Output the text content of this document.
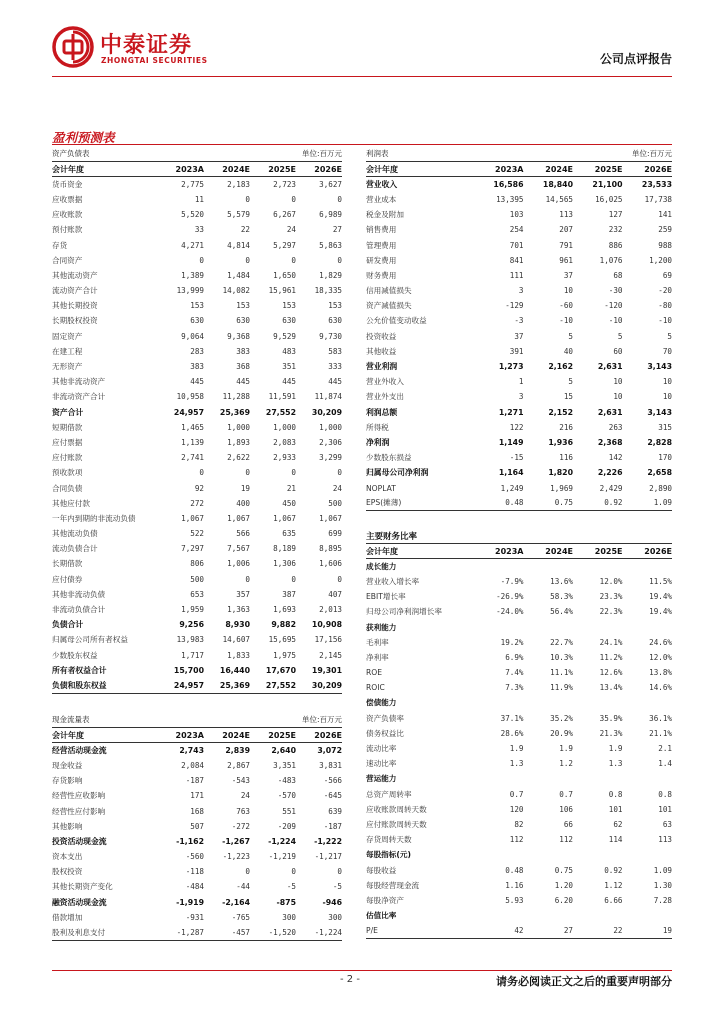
中泰证券
ZHONGTAI SECURITIES	公司点评报告
盈利预测表
资产负债表	单位:百万元
会计年度	2023A	2024E	2025E	2026E
货币资金	2,775	2,183	2,723	3,627
应收票据	11	0	0	0
应收账款	5,520	5,579	6,267	6,989
预付账款	33	22	24	27
存货	4,271	4,814	5,297	5,863
合同资产	0	0	0	0
其他流动资产	1,389	1,484	1,650	1,829
流动资产合计	13,999	14,082	15,961	18,335
其他长期投资	153	153	153	153
长期股权投资	630	630	630	630
固定资产	9,064	9,368	9,529	9,730
在建工程	283	383	483	583
无形资产	383	368	351	333
其他非流动资产	445	445	445	445
非流动资产合计	10,958	11,288	11,591	11,874
资产合计	24,957	25,369	27,552	30,209
短期借款	1,465	1,000	1,000	1,000
应付票据	1,139	1,893	2,083	2,306
应付账款	2,741	2,622	2,933	3,299
预收款项	0	0	0	0
合同负债	92	19	21	24
其他应付款	272	400	450	500
一年内到期的非流动负债	1,067	1,067	1,067	1,067
其他流动负债	522	566	635	699
流动负债合计	7,297	7,567	8,189	8,895
长期借款	806	1,006	1,306	1,606
应付债券	500	0	0	0
其他非流动负债	653	357	387	407
非流动负债合计	1,959	1,363	1,693	2,013
负债合计	9,256	8,930	9,882	10,908
归属母公司所有者权益	13,983	14,607	15,695	17,156
少数股东权益	1,717	1,833	1,975	2,145
所有者权益合计	15,700	16,440	17,670	19,301
负债和股东权益	24,957	25,369	27,552	30,209
利润表	单位:百万元
会计年度	2023A	2024E	2025E	2026E
营业收入	16,586	18,840	21,100	23,533
营业成本	13,395	14,565	16,025	17,738
税金及附加	103	113	127	141
销售费用	254	207	232	259
管理费用	701	791	886	988
研发费用	841	961	1,076	1,200
财务费用	111	37	68	69
信用减值损失	3	10	-30	-20
资产减值损失	-129	-60	-120	-80
公允价值变动收益	-3	-10	-10	-10
投资收益	37	5	5	5
其他收益	391	40	60	70
营业利润	1,273	2,162	2,631	3,143
营业外收入	1	5	10	10
营业外支出	3	15	10	10
利润总额	1,271	2,152	2,631	3,143
所得税	122	216	263	315
净利润	1,149	1,936	2,368	2,828
少数股东损益	-15	116	142	170
归属母公司净利润	1,164	1,820	2,226	2,658
NOPLAT	1,249	1,969	2,429	2,890
EPS(摊薄)	0.48	0.75	0.92	1.09
主要财务比率
会计年度	2023A	2024E	2025E	2026E
成长能力				
营业收入增长率	-7.9%	13.6%	12.0%	11.5%
EBIT增长率	-26.9%	58.3%	23.3%	19.4%
归母公司净利润增长率	-24.0%	56.4%	22.3%	19.4%
获利能力				
毛利率	19.2%	22.7%	24.1%	24.6%
净利率	6.9%	10.3%	11.2%	12.0%
ROE	7.4%	11.1%	12.6%	13.8%
ROIC	7.3%	11.9%	13.4%	14.6%
偿债能力				
资产负债率	37.1%	35.2%	35.9%	36.1%
债务权益比	28.6%	20.9%	21.3%	21.1%
流动比率	1.9	1.9	1.9	2.1
速动比率	1.3	1.2	1.3	1.4
营运能力				
总资产周转率	0.7	0.7	0.8	0.8
应收账款周转天数	120	106	101	101
应付账款周转天数	82	66	62	63
存货周转天数	112	112	114	113
每股指标(元)				
每股收益	0.48	0.75	0.92	1.09
每股经营现金流	1.16	1.20	1.12	1.30
每股净资产	5.93	6.20	6.66	7.28
估值比率				
P/E	42	27	22	19
现金流量表	单位:百万元
会计年度	2023A	2024E	2025E	2026E
经营活动现金流	2,743	2,839	2,640	3,072
现金收益	2,084	2,867	3,351	3,831
存货影响	-187	-543	-483	-566
经营性应收影响	171	24	-570	-645
经营性应付影响	168	763	551	639
其他影响	507	-272	-209	-187
投资活动现金流	-1,162	-1,267	-1,224	-1,222
资本支出	-560	-1,223	-1,219	-1,217
股权投资	-118	0	0	0
其他长期资产变化	-484	-44	-5	-5
融资活动现金流	-1,919	-2,164	-875	-946
借款增加	-931	-765	300	300
股利及利息支付	-1,287	-457	-1,520	-1,224
- 2 -	请务必阅读正文之后的重要声明部分
